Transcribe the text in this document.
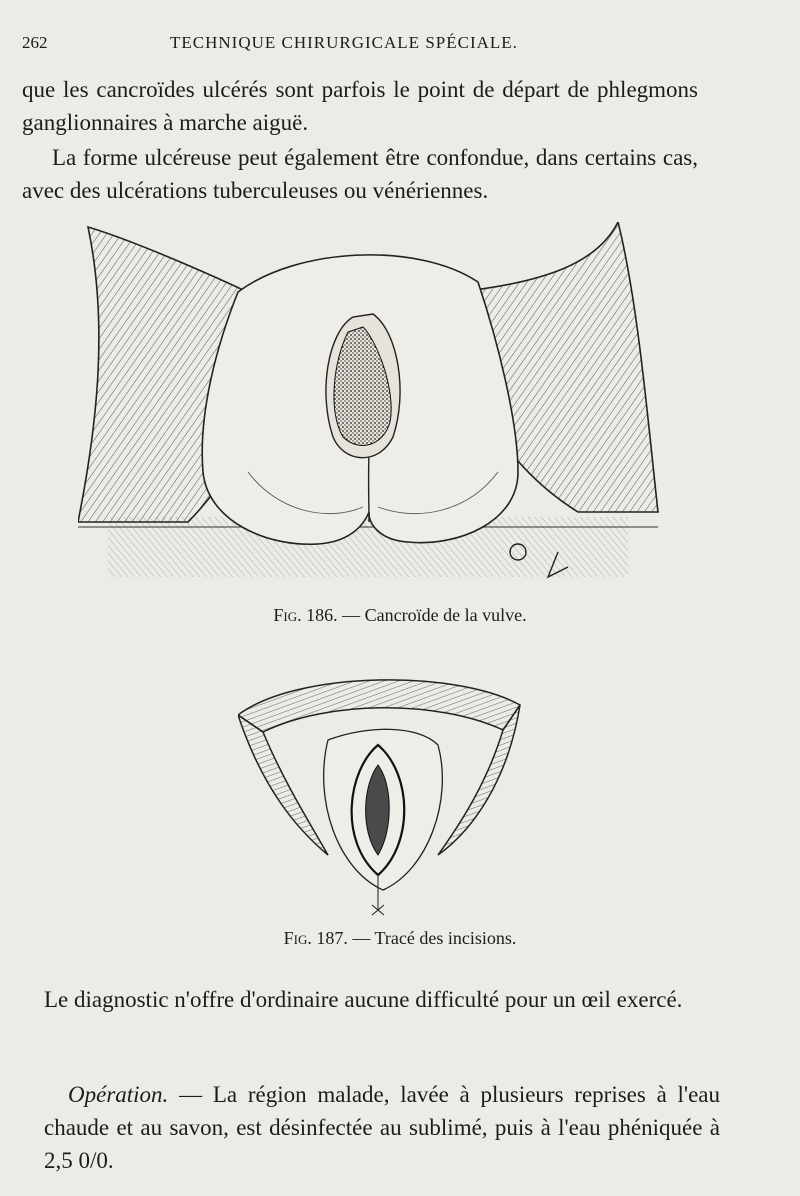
262	TECHNIQUE CHIRURGICALE SPÉCIALE.
que les cancroïdes ulcérés sont parfois le point de départ de phlegmons ganglionnaires à marche aiguë.
La forme ulcéreuse peut également être confondue, dans certains cas, avec des ulcérations tuberculeuses ou vénériennes.
Fig. 186. — Cancroïde de la vulve.
Fig. 187. — Tracé des incisions.
Le diagnostic n'offre d'ordinaire aucune difficulté pour un œil exercé.
Opération. — La région malade, lavée à plusieurs reprises à l'eau chaude et au savon, est désinfectée au sublimé, puis à l'eau phéniquée à 2,5 0/0.
